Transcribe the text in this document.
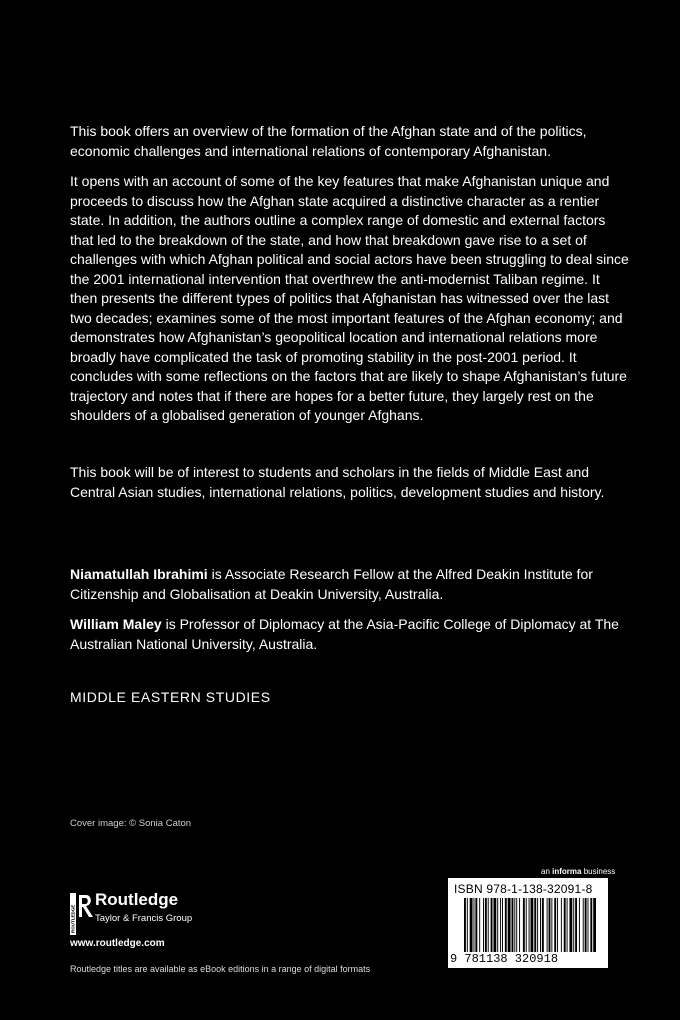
This book offers an overview of the formation of the Afghan state and of the politics, economic challenges and international relations of contemporary Afghanistan.

It opens with an account of some of the key features that make Afghanistan unique and proceeds to discuss how the Afghan state acquired a distinctive character as a rentier state. In addition, the authors outline a complex range of domestic and external factors that led to the breakdown of the state, and how that breakdown gave rise to a set of challenges with which Afghan political and social actors have been struggling to deal since the 2001 international intervention that overthrew the anti-modernist Taliban regime. It then presents the different types of politics that Afghanistan has witnessed over the last two decades; examines some of the most important features of the Afghan economy; and demonstrates how Afghanistan’s geopolitical location and international relations more broadly have complicated the task of promoting stability in the post-2001 period. It concludes with some reflections on the factors that are likely to shape Afghanistan’s future trajectory and notes that if there are hopes for a better future, they largely rest on the shoulders of a globalised generation of younger Afghans.

This book will be of interest to students and scholars in the fields of Middle East and Central Asian studies, international relations, politics, development studies and history.

Niamatullah Ibrahimi is Associate Research Fellow at the Alfred Deakin Institute for Citizenship and Globalisation at Deakin University, Australia.

William Maley is Professor of Diplomacy at the Asia-Pacific College of Diplomacy at The Australian National University, Australia.

MIDDLE EASTERN STUDIES
Cover image: © Sonia Caton
an informa business
ISBN 978-1-138-32091-8
9 781138 320918
ROUTLEDGE
Routledge
Taylor & Francis Group
www.routledge.com
Routledge titles are available as eBook editions in a range of digital formats
